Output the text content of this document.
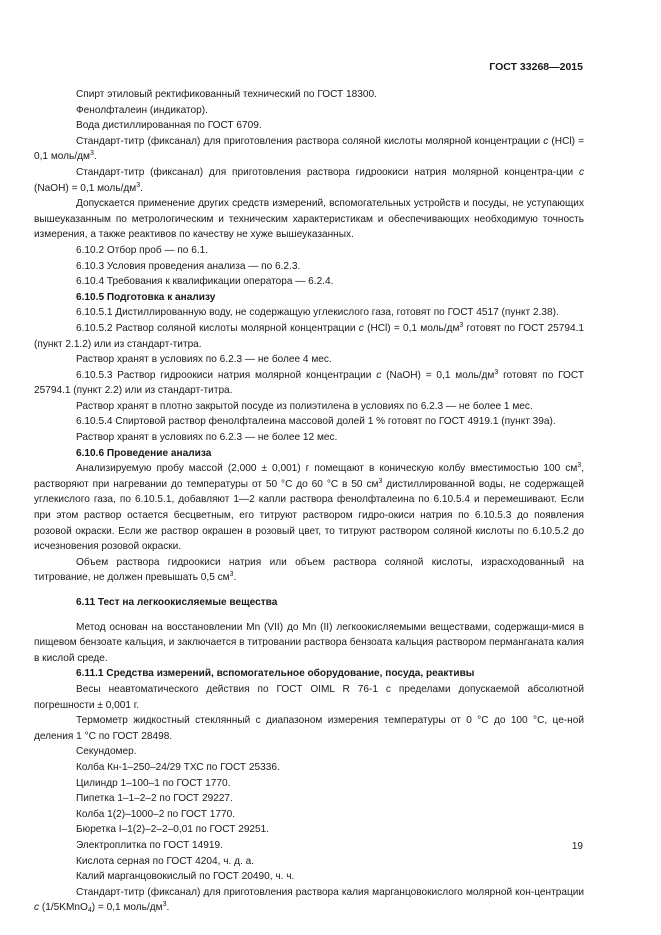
ГОСТ 33268—2015

Спирт этиловый ректификованный технический по ГОСТ 18300.

Фенолфталеин (индикатор).

Вода дистиллированная по ГОСТ 6709.

Стандарт-титр (фиксанал) для приготовления раствора соляной кислоты молярной концентрации с (HCl) = 0,1 моль/$дм^3$.

Стандарт-титр (фиксанал) для приготовления раствора гидроокиси натрия молярной концентра-ции с (NaOH) = 0,1 моль/$дм^3$.

Допускается применение других средств измерений, вспомогательных устройств и посуды, не уступающих вышеуказанным по метрологическим и техническим характеристикам и обеспечивающих необходимую точность измерения, а также реактивов по качеству не хуже вышеуказанных.

6.10.2 Отбор проб — по 6.1.

6.10.3 Условия проведения анализа — по 6.2.3.

6.10.4 Требования к квалификации оператора — 6.2.4.

6.10.5 Подготовка к анализу

6.10.5.1 Дистиллированную воду, не содержащую углекислого газа, готовят по ГОСТ 4517 (пункт 2.38).

6.10.5.2 Раствор соляной кислоты молярной концентрации с (HCl) = 0,1 моль/$дм^3$ готовят по ГОСТ 25794.1 (пункт 2.1.2) или из стандарт-титра.

Раствор хранят в условиях по 6.2.3 — не более 4 мес.

6.10.5.3 Раствор гидроокиси натрия молярной концентрации с (NaOH) = 0,1 моль/$дм^3$ готовят по ГОСТ 25794.1 (пункт 2.2) или из стандарт-титра.

Раствор хранят в плотно закрытой посуде из полиэтилена в условиях по 6.2.3 — не более 1 мес.

6.10.5.4 Спиртовой раствор фенолфталеина массовой долей 1 % готовят по ГОСТ 4919.1 (пункт 39а).

Раствор хранят в условиях по 6.2.3 — не более 12 мес.

6.10.6 Проведение анализа

Анализируемую пробу массой (2,000 ± 0,001) г помещают в коническую колбу вместимостью 100 $см^3$, растворяют при нагревании до температуры от 50 °С до 60 °С в 50 $см^3$ дистиллированной воды, не содержащей углекислого газа, по 6.10.5.1, добавляют 1—2 капли раствора фенолфталеина по 6.10.5.4 и перемешивают. Если при этом раствор остается бесцветным, его титруют раствором гидро-окиси натрия по 6.10.5.3 до появления розовой окраски. Если же раствор окрашен в розовый цвет, то титруют раствором соляной кислоты по 6.10.5.2 до исчезновения розовой окраски.

Объем раствора гидроокиси натрия или объем раствора соляной кислоты, израсходованный на титрование, не должен превышать 0,5 $см^3$.

6.11 Тест на легкоокисляемые вещества

Метод основан на восстановлении Mn (VII) до Mn (II) легкоокисляемыми веществами, содержащи-мися в пищевом бензоате кальция, и заключается в титровании раствора бензоата кальция раствором перманганата калия в кислой среде.

6.11.1 Средства измерений, вспомогательное оборудование, посуда, реактивы

Весы неавтоматического действия по ГОСТ OIML R 76-1 с пределами допускаемой абсолютной погрешности ± 0,001 г.

Термометр жидкостный стеклянный с диапазоном измерения температуры от 0 °С до 100 °С, це-ной деления 1 °С по ГОСТ 28498.

Секундомер.

Колба Кн-1–250–24/29 ТХС по ГОСТ 25336.

Цилиндр 1–100–1 по ГОСТ 1770.

Пипетка 1–1–2–2 по ГОСТ 29227.

Колба 1(2)–1000–2 по ГОСТ 1770.

Бюретка I–1(2)–2–2–0,01 по ГОСТ 29251.

Электроплитка по ГОСТ 14919.

Кислота серная по ГОСТ 4204, ч. д. а.

Калий марганцовокислый по ГОСТ 20490, ч. ч.

Стандарт-титр (фиксанал) для приготовления раствора калия марганцовокислого молярной кон-центрации с (1/5KMnO$_4$) = 0,1 моль/$дм^3$.

19
